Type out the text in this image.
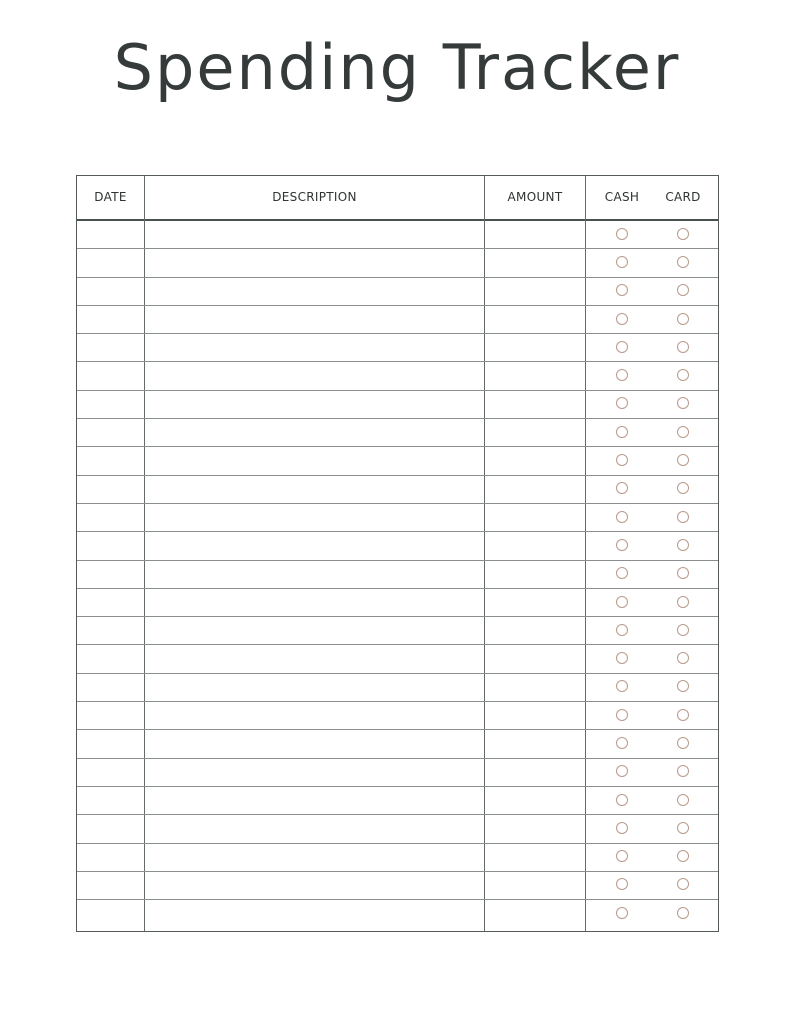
Spending Tracker
DATE	DESCRIPTION	AMOUNT	CASH	CARD
